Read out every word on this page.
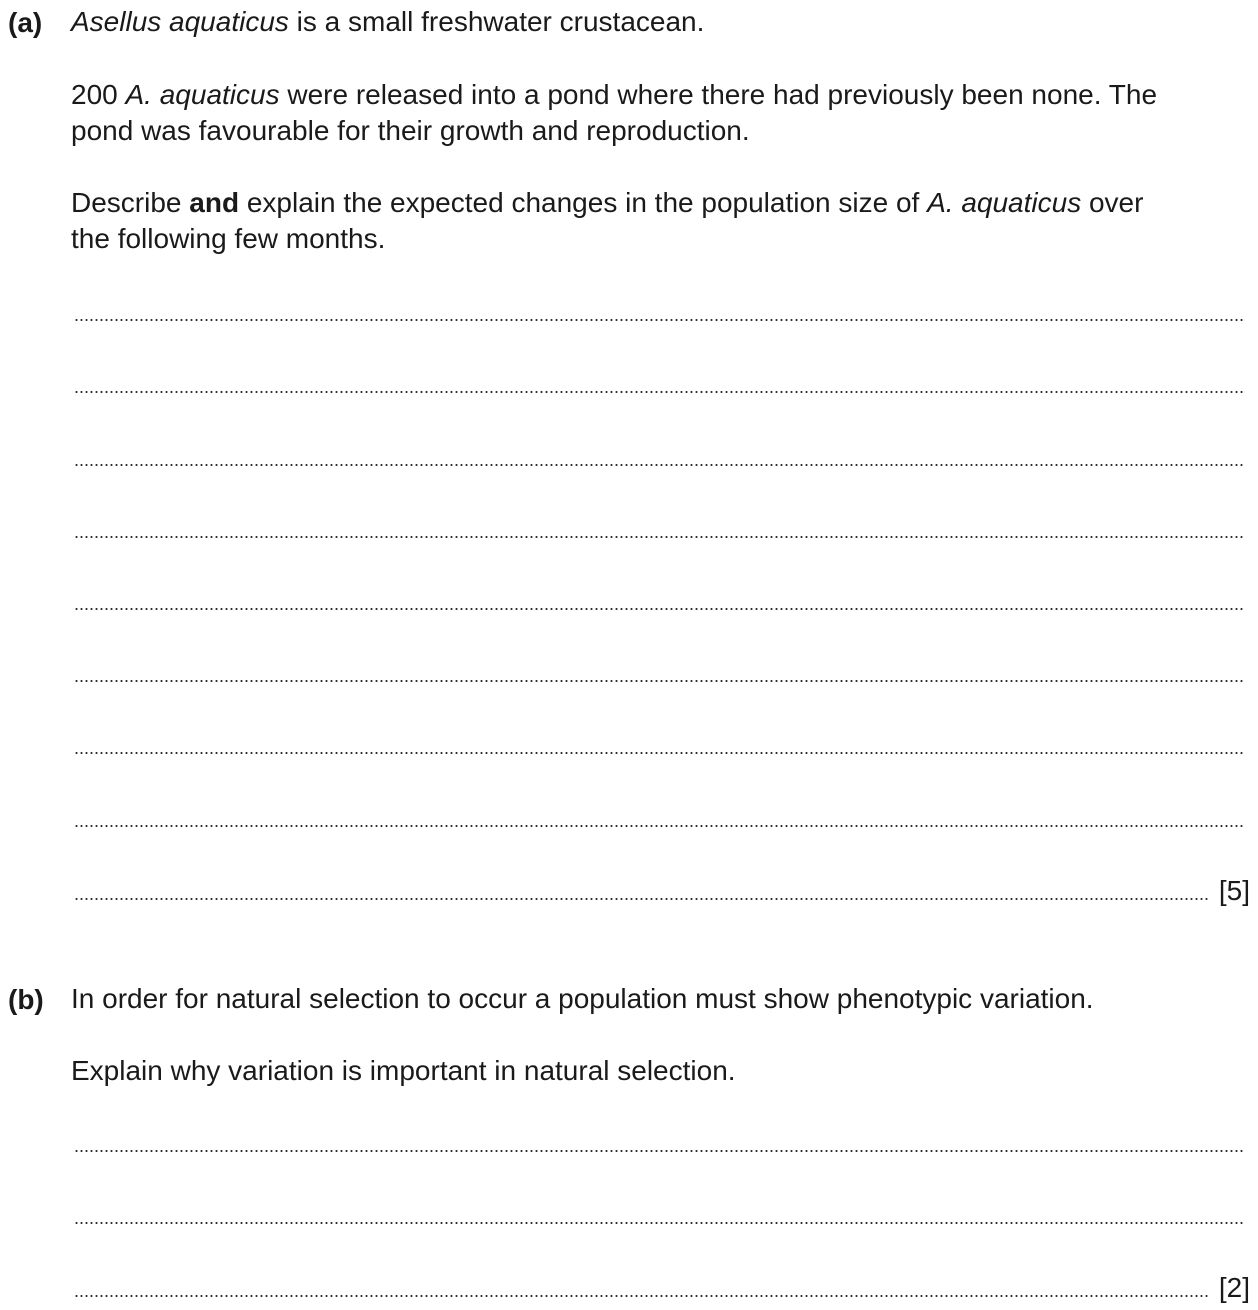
(a) Asellus aquaticus is a small freshwater crustacean.
200 A. aquaticus were released into a pond where there had previously been none. The
pond was favourable for their growth and reproduction.
Describe and explain the expected changes in the population size of A. aquaticus over
the following few months.
[5]
(b) In order for natural selection to occur a population must show phenotypic variation.
Explain why variation is important in natural selection.
[2]
